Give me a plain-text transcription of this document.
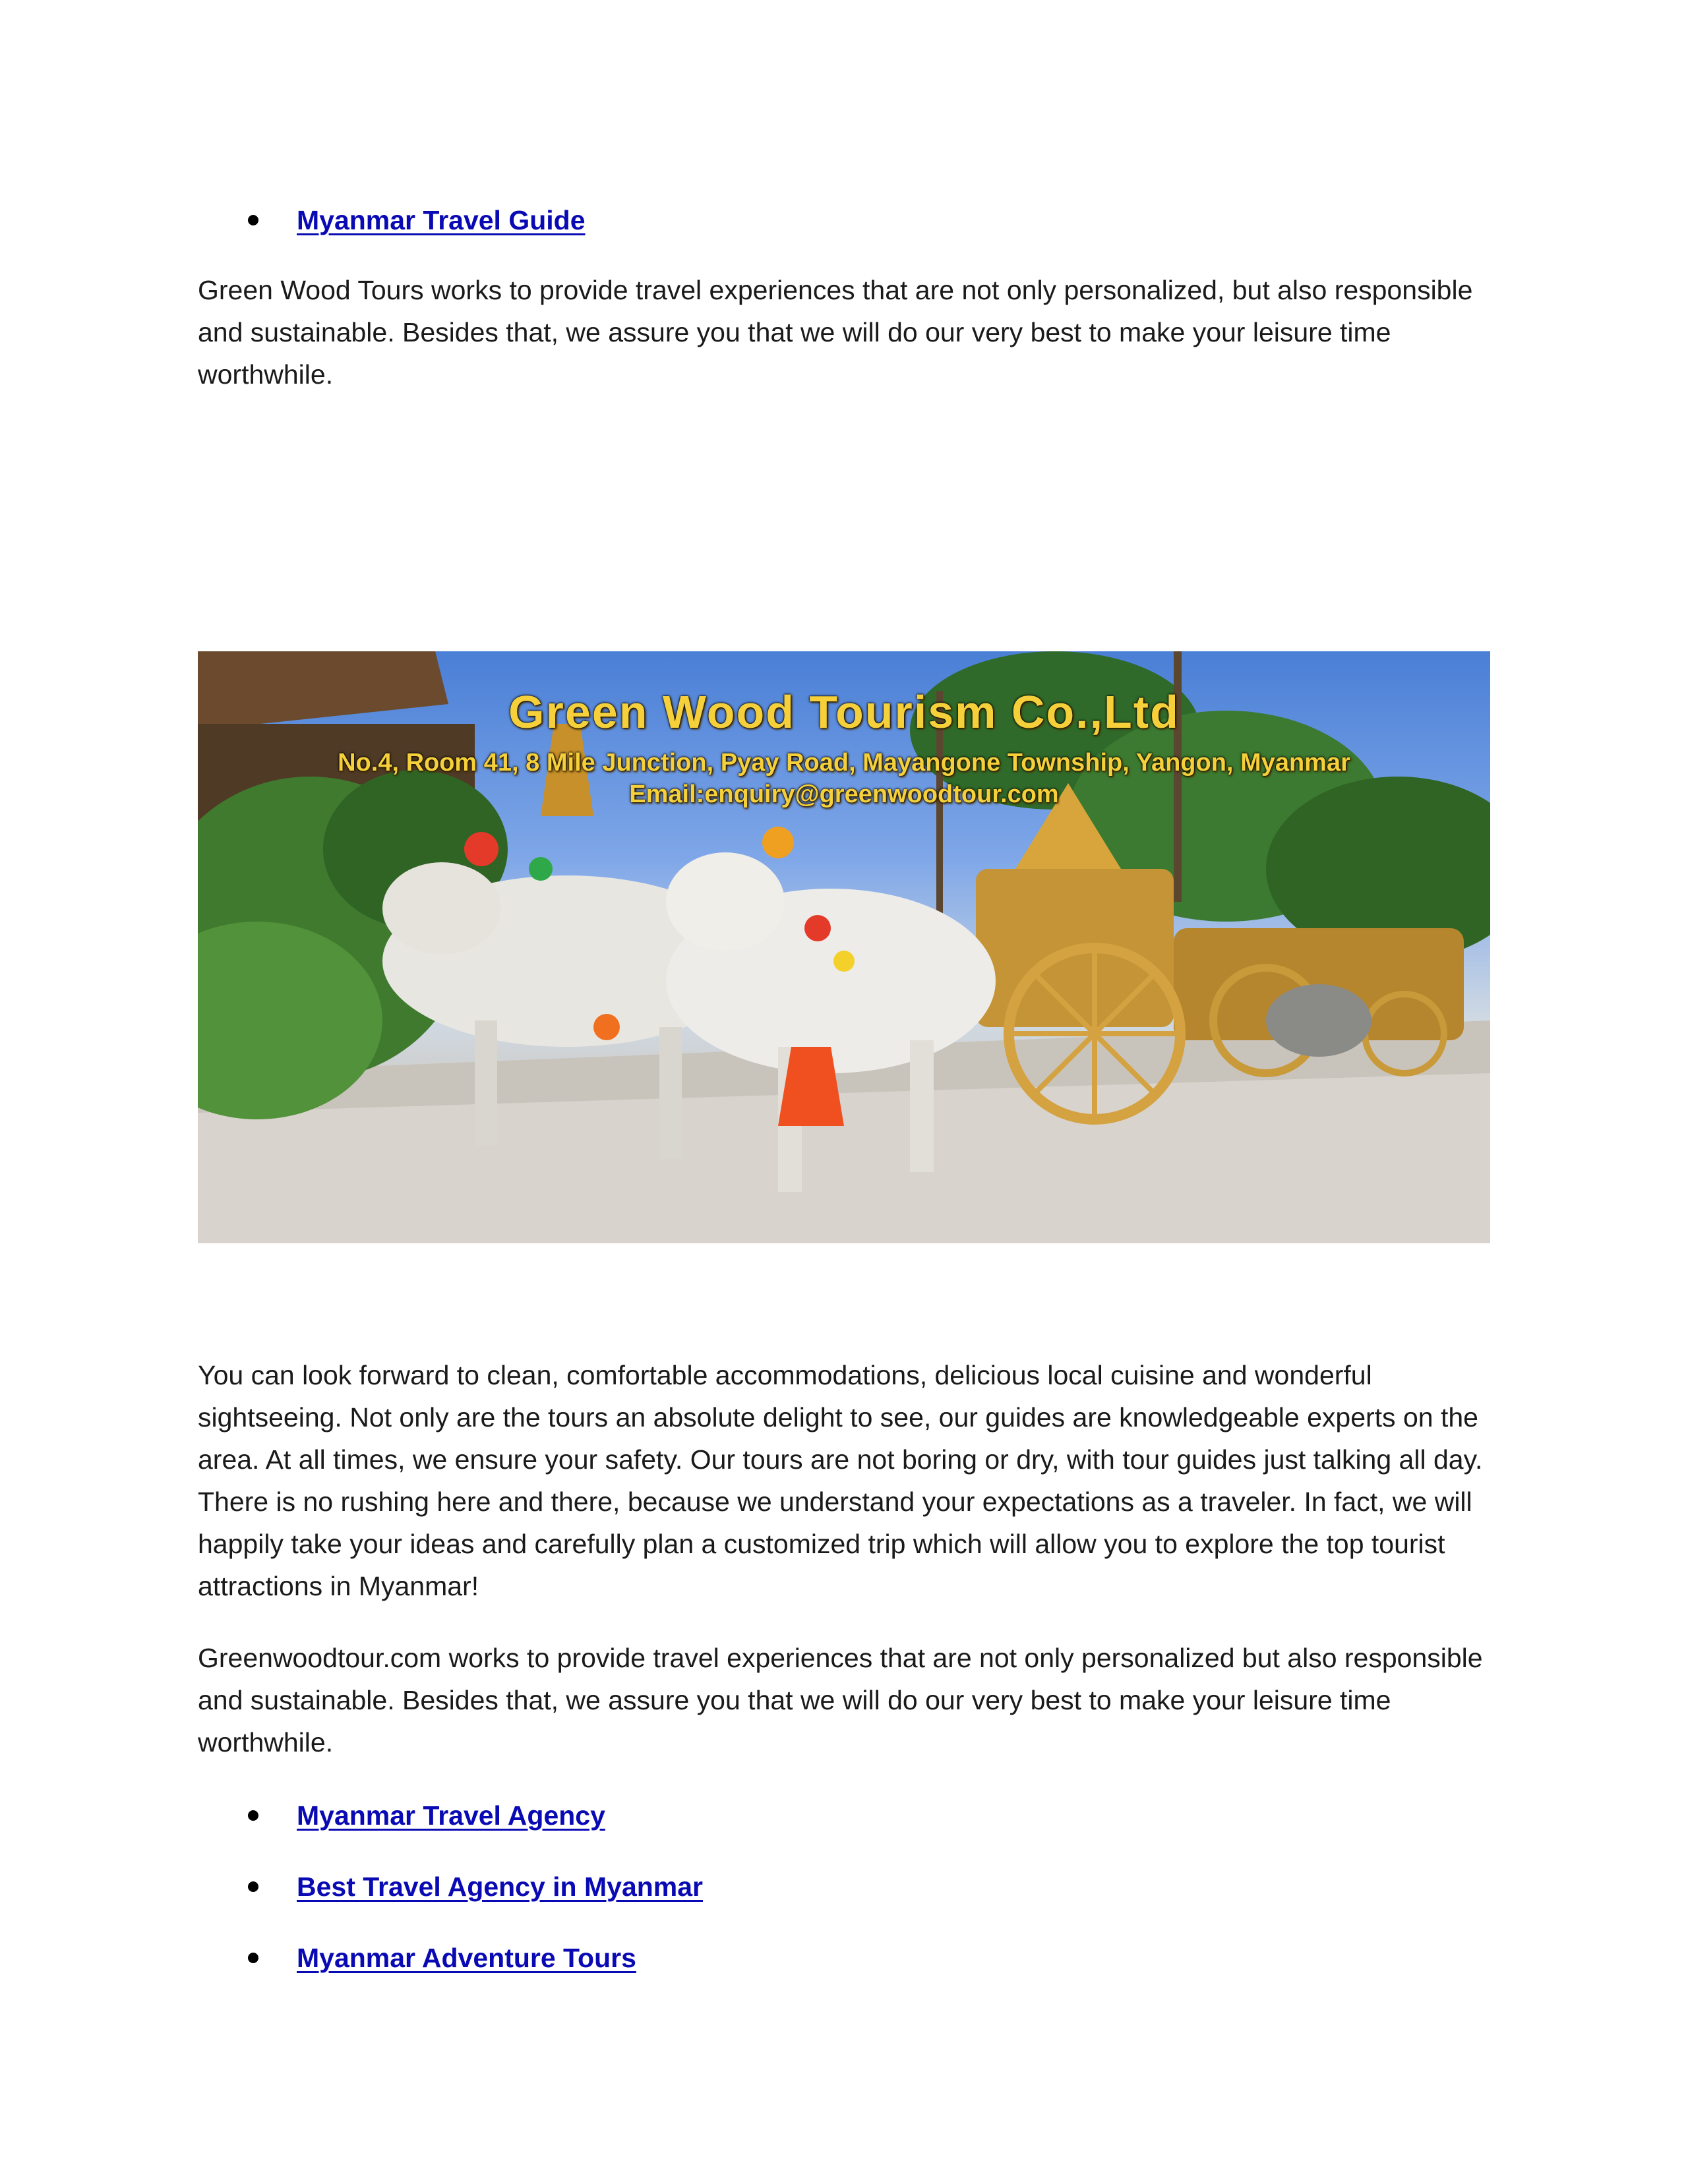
Myanmar Travel Guide

Green Wood Tours works to provide travel experiences that are not only personalized, but also responsible and sustainable. Besides that, we assure you that we will do our very best to make your leisure time worthwhile.

Green Wood Tourism Co.,Ltd
No.4, Room 41, 8 Mile Junction, Pyay Road, Mayangone Township, Yangon, Myanmar
Email:enquiry@greenwoodtour.com

You can look forward to clean, comfortable accommodations, delicious local cuisine and wonderful sightseeing. Not only are the tours an absolute delight to see, our guides are knowledgeable experts on the area. At all times, we ensure your safety. Our tours are not boring or dry, with tour guides just talking all day. There is no rushing here and there, because we understand your expectations as a traveler. In fact, we will happily take your ideas and carefully plan a customized trip which will allow you to explore the top tourist attractions in Myanmar!

Greenwoodtour.com works to provide travel experiences that are not only personalized but also responsible and sustainable. Besides that, we assure you that we will do our very best to make your leisure time worthwhile.

Myanmar Travel Agency
Best Travel Agency in Myanmar
Myanmar Adventure Tours
